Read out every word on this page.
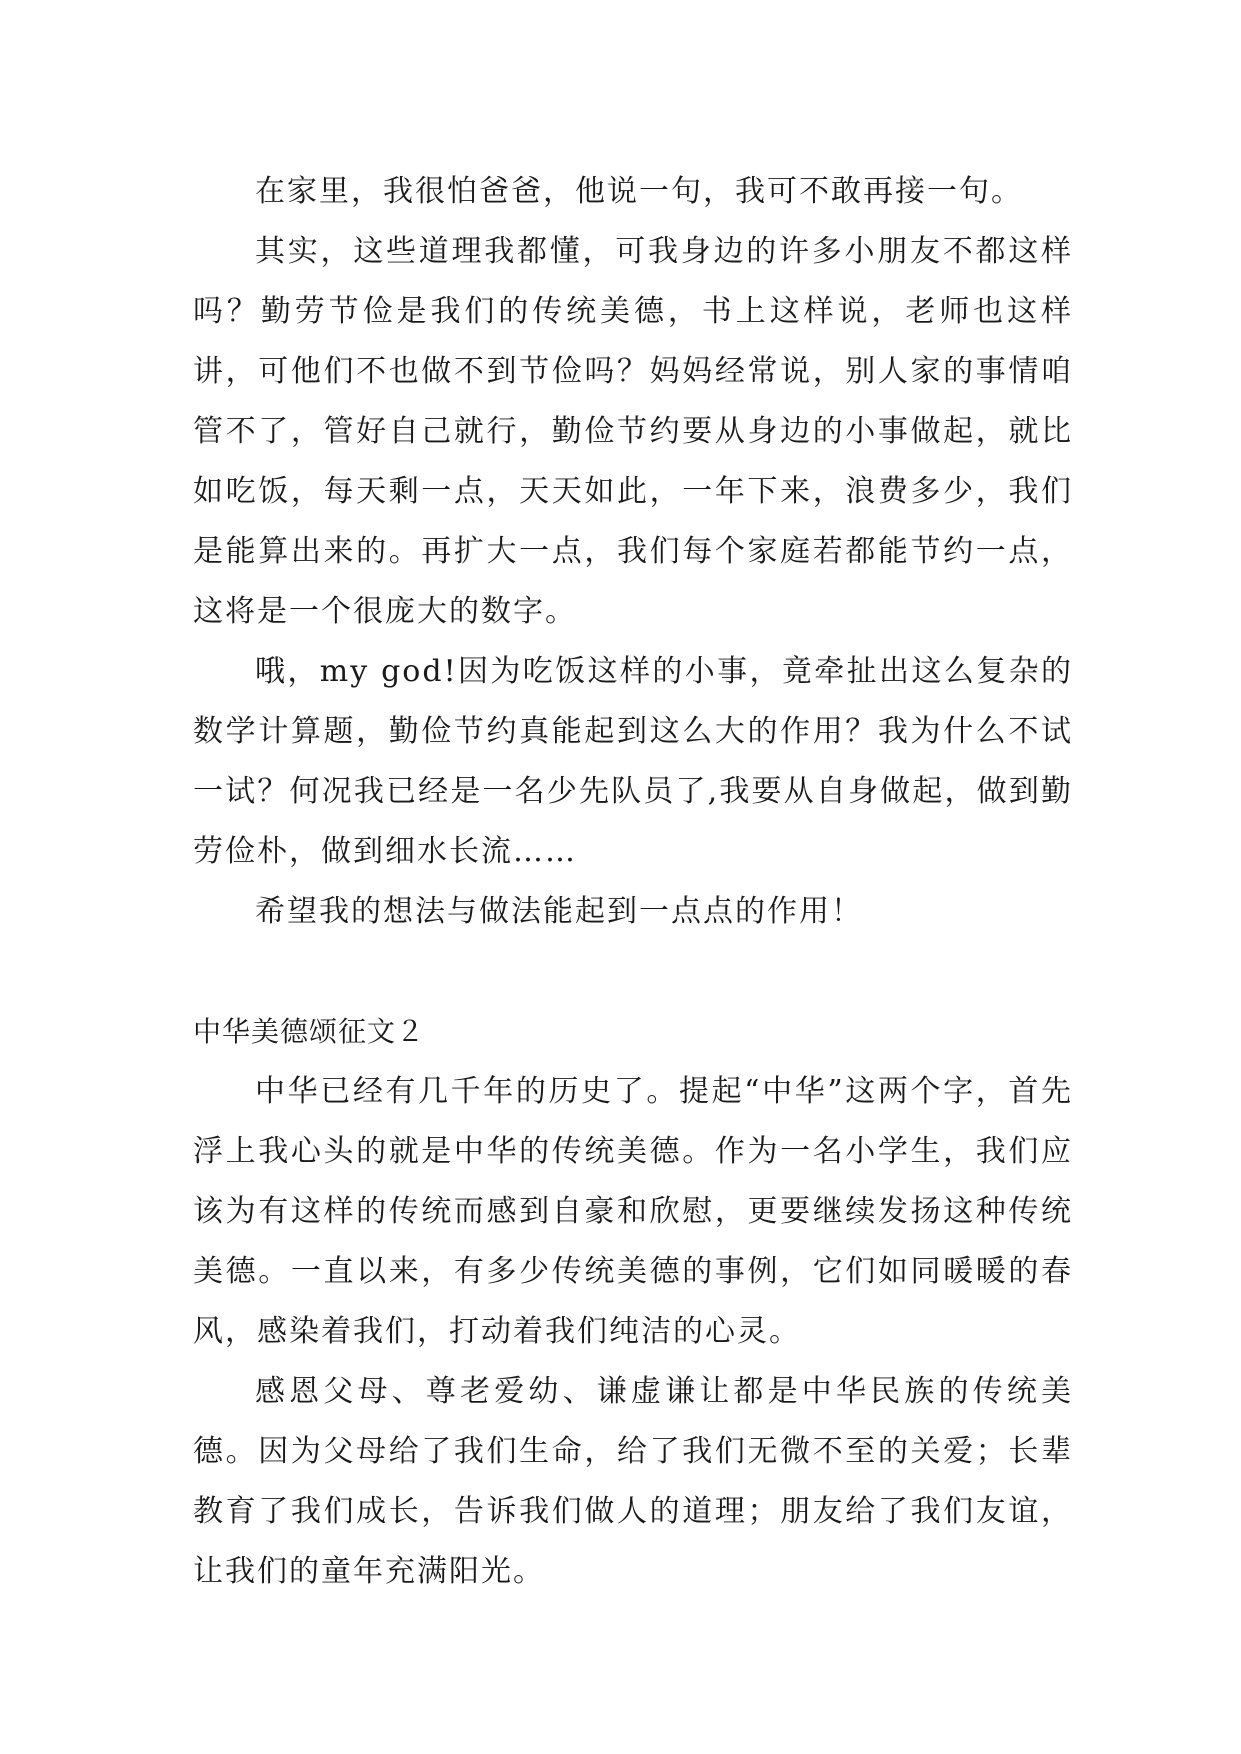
在家里，我很怕爸爸，他说一句，我可不敢再接一句。

其实，这些道理我都懂，可我身边的许多小朋友不都这样吗？勤劳节俭是我们的传统美德，书上这样说，老师也这样讲，可他们不也做不到节俭吗？妈妈经常说，别人家的事情咱管不了，管好自己就行，勤俭节约要从身边的小事做起，就比如吃饭，每天剩一点，天天如此，一年下来，浪费多少，我们是能算出来的。再扩大一点，我们每个家庭若都能节约一点，这将是一个很庞大的数字。

哦，my god!因为吃饭这样的小事，竟牵扯出这么复杂的数学计算题，勤俭节约真能起到这么大的作用？我为什么不试一试？何况我已经是一名少先队员了,我要从自身做起，做到勤劳俭朴，做到细水长流……

希望我的想法与做法能起到一点点的作用！

中华美德颂征文２

中华已经有几千年的历史了。提起“中华”这两个字，首先浮上我心头的就是中华的传统美德。作为一名小学生，我们应该为有这样的传统而感到自豪和欣慰，更要继续发扬这种传统美德。一直以来，有多少传统美德的事例，它们如同暖暖的春风，感染着我们，打动着我们纯洁的心灵。

感恩父母、尊老爱幼、谦虚谦让都是中华民族的传统美德。因为父母给了我们生命，给了我们无微不至的关爱；长辈教育了我们成长，告诉我们做人的道理；朋友给了我们友谊，让我们的童年充满阳光。
